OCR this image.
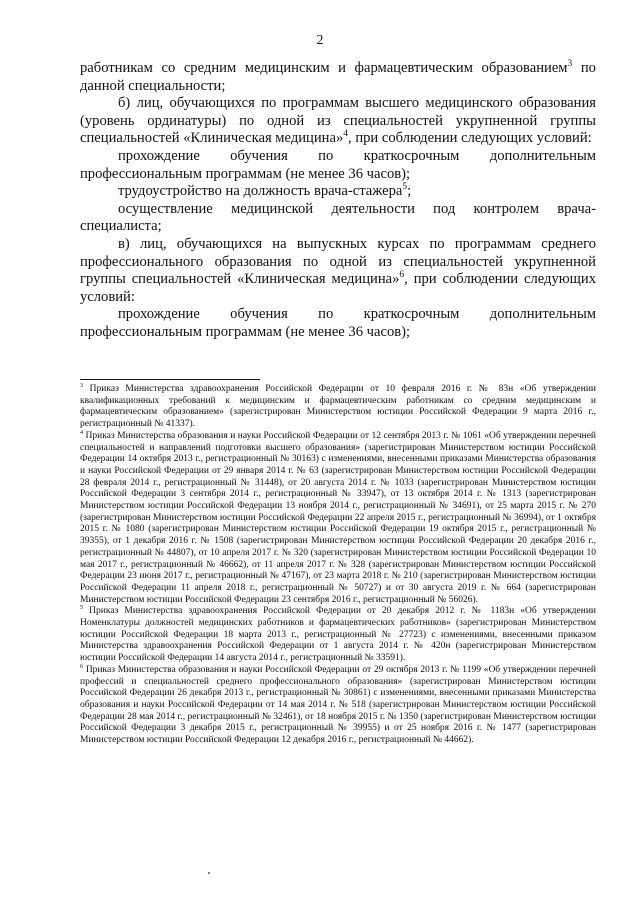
2

работникам со средним медицинским и фармацевтическим образованием$^3$ по данной специальности;

б) лиц, обучающихся по программам высшего медицинского образования (уровень ординатуры) по одной из специальностей укрупненной группы специальностей «Клиническая медицина»$^4$, при соблюдении следующих условий:

прохождение обучения по краткосрочным дополнительным профессиональным программам (не менее 36 часов);

трудоустройство на должность врача-стажера$^5$;

осуществление медицинской деятельности под контролем врача-специалиста;

в) лиц, обучающихся на выпускных курсах по программам среднего профессионального образования по одной из специальностей укрупненной группы специальностей «Клиническая медицина»$^6$, при соблюдении следующих условий:

прохождение обучения по краткосрочным дополнительным профессиональным программам (не менее 36 часов);

$^3$ Приказ Министерства здравоохранения Российской Федерации от 10 февраля 2016 г. № 83н «Об утверждении квалификационных требований к медицинским и фармацевтическим работникам со средним медицинским и фармацевтическим образованием» (зарегистрирован Министерством юстиции Российской Федерации 9 марта 2016 г., регистрационный № 41337).

$^4$ Приказ Министерства образования и науки Российской Федерации от 12 сентября 2013 г. № 1061 «Об утверждении перечней специальностей и направлений подготовки высшего образования» (зарегистрирован Министерством юстиции Российской Федерации 14 октября 2013 г., регистрационный № 30163) с изменениями, внесенными приказами Министерства образования и науки Российской Федерации от 29 января 2014 г. № 63 (зарегистрирован Министерством юстиции Российской Федерации 28 февраля 2014 г., регистрационный № 31448), от 20 августа 2014 г. № 1033 (зарегистрирован Министерством юстиции Российской Федерации 3 сентября 2014 г., регистрационный № 33947), от 13 октября 2014 г. № 1313 (зарегистрирован Министерством юстиции Российской Федерации 13 ноября 2014 г., регистрационный № 34691), от 25 марта 2015 г. № 270 (зарегистрирован Министерством юстиции Российской Федерации 22 апреля 2015 г., регистрационный № 36994), от 1 октября 2015 г. № 1080 (зарегистрирован Министерством юстиции Российской Федерации 19 октября 2015 г., регистрационный № 39355), от 1 декабря 2016 г. № 1508 (зарегистрирован Министерством юстиции Российской Федерации 20 декабря 2016 г., регистрационный № 44807), от 10 апреля 2017 г. № 320 (зарегистрирован Министерством юстиции Российской Федерации 10 мая 2017 г., регистрационный № 46662), от 11 апреля 2017 г. № 328 (зарегистрирован Министерством юстиции Российской Федерации 23 июня 2017 г., регистрационный № 47167), от 23 марта 2018 г. № 210 (зарегистрирован Министерством юстиции Российской Федерации 11 апреля 2018 г., регистрационный № 50727) и от 30 августа 2019 г. № 664 (зарегистрирован Министерством юстиции Российской Федерации 23 сентября 2016 г., регистрационный № 56026).

$^5$ Приказ Министерства здравоохранения Российской Федерации от 20 декабря 2012 г. № 1183н «Об утверждении Номенклатуры должностей медицинских работников и фармацевтических работников» (зарегистрирован Министерством юстиции Российской Федерации 18 марта 2013 г., регистрационный № 27723) с изменениями, внесенными приказом Министерства здравоохранения Российской Федерации от 1 августа 2014 г. № 420н (зарегистрирован Министерством юстиции Российской Федерации 14 августа 2014 г., регистрационный № 33591).

$^6$ Приказ Министерства образования и науки Российской Федерации от 29 октября 2013 г. № 1199 «Об утверждении перечней профессий и специальностей среднего профессионального образования» (зарегистрирован Министерством юстиции Российской Федерации 26 декабря 2013 г., регистрационный № 30861) с изменениями, внесенными приказами Министерства образования и науки Российской Федерации от 14 мая 2014 г. № 518 (зарегистрирован Министерством юстиции Российской Федерации 28 мая 2014 г., регистрационный № 32461), от 18 ноября 2015 г. № 1350 (зарегистрирован Министерством юстиции Российской Федерации 3 декабря 2015 г., регистрационный № 39955) и от 25 ноября 2016 г. № 1477 (зарегистрирован Министерством юстиции Российской Федерации 12 декабря 2016 г., регистрационный № 44662).
